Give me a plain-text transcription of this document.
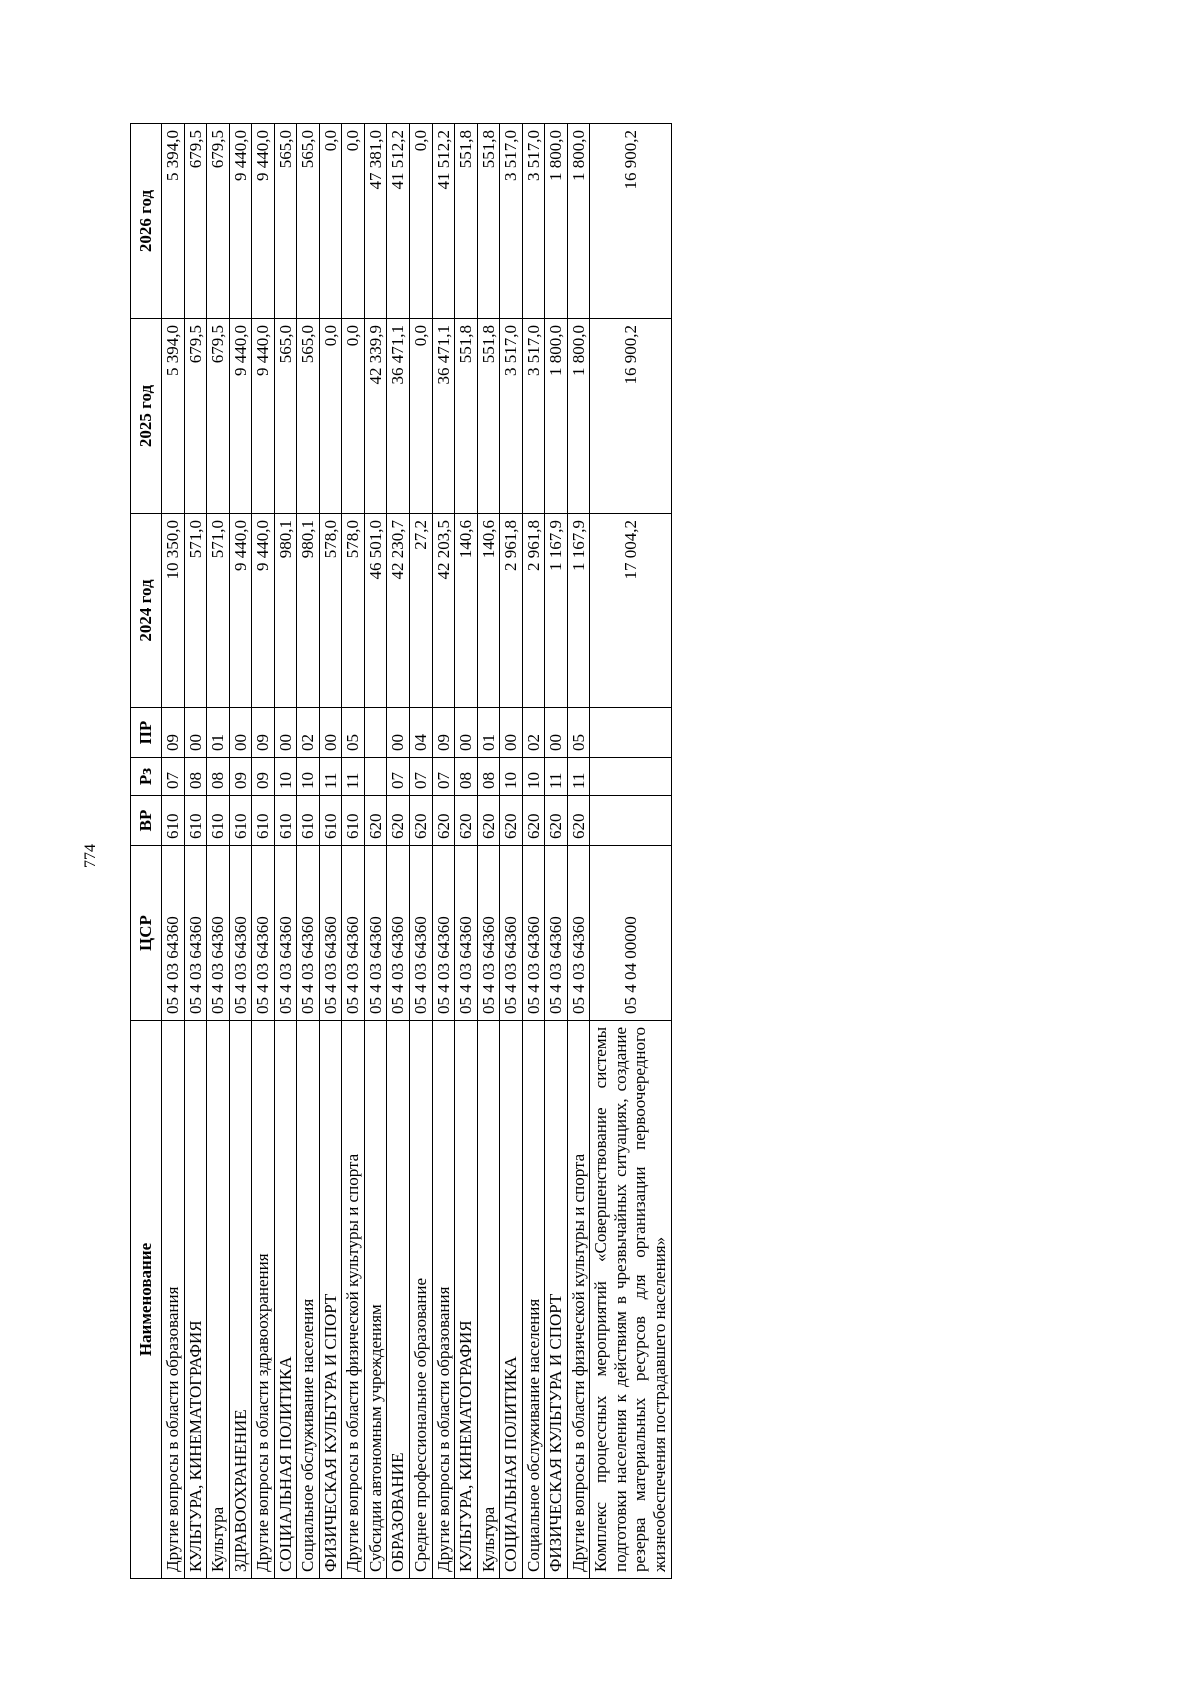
774
Наименование	ЦСР	ВР	Рз	ПР	2024 год	2025 год	2026 год
Другие вопросы в области образования	05 4 03 64360	610	07	09	10 350,0	5 394,0	5 394,0
КУЛЬТУРА, КИНЕМАТОГРАФИЯ	05 4 03 64360	610	08	00	571,0	679,5	679,5
Культура	05 4 03 64360	610	08	01	571,0	679,5	679,5
ЗДРАВООХРАНЕНИЕ	05 4 03 64360	610	09	00	9 440,0	9 440,0	9 440,0
Другие вопросы в области здравоохранения	05 4 03 64360	610	09	09	9 440,0	9 440,0	9 440,0
СОЦИАЛЬНАЯ ПОЛИТИКА	05 4 03 64360	610	10	00	980,1	565,0	565,0
Социальное обслуживание населения	05 4 03 64360	610	10	02	980,1	565,0	565,0
ФИЗИЧЕСКАЯ КУЛЬТУРА И СПОРТ	05 4 03 64360	610	11	00	578,0	0,0	0,0
Другие вопросы в области физической культуры и спорта	05 4 03 64360	610	11	05	578,0	0,0	0,0
Субсидии автономным учреждениям	05 4 03 64360	620			46 501,0	42 339,9	47 381,0
ОБРАЗОВАНИЕ	05 4 03 64360	620	07	00	42 230,7	36 471,1	41 512,2
Среднее профессиональное образование	05 4 03 64360	620	07	04	27,2	0,0	0,0
Другие вопросы в области образования	05 4 03 64360	620	07	09	42 203,5	36 471,1	41 512,2
КУЛЬТУРА, КИНЕМАТОГРАФИЯ	05 4 03 64360	620	08	00	140,6	551,8	551,8
Культура	05 4 03 64360	620	08	01	140,6	551,8	551,8
СОЦИАЛЬНАЯ ПОЛИТИКА	05 4 03 64360	620	10	00	2 961,8	3 517,0	3 517,0
Социальное обслуживание населения	05 4 03 64360	620	10	02	2 961,8	3 517,0	3 517,0
ФИЗИЧЕСКАЯ КУЛЬТУРА И СПОРТ	05 4 03 64360	620	11	00	1 167,9	1 800,0	1 800,0
Другие вопросы в области физической культуры и спорта	05 4 03 64360	620	11	05	1 167,9	1 800,0	1 800,0
Комплекс процессных мероприятий «Совершенствование системы подготовки населения к действиям в чрезвычайных ситуациях, создание резерва материальных ресурсов для организации первоочередного жизнеобеспечения пострадавшего населения»	05 4 04 00000				17 004,2	16 900,2	16 900,2
